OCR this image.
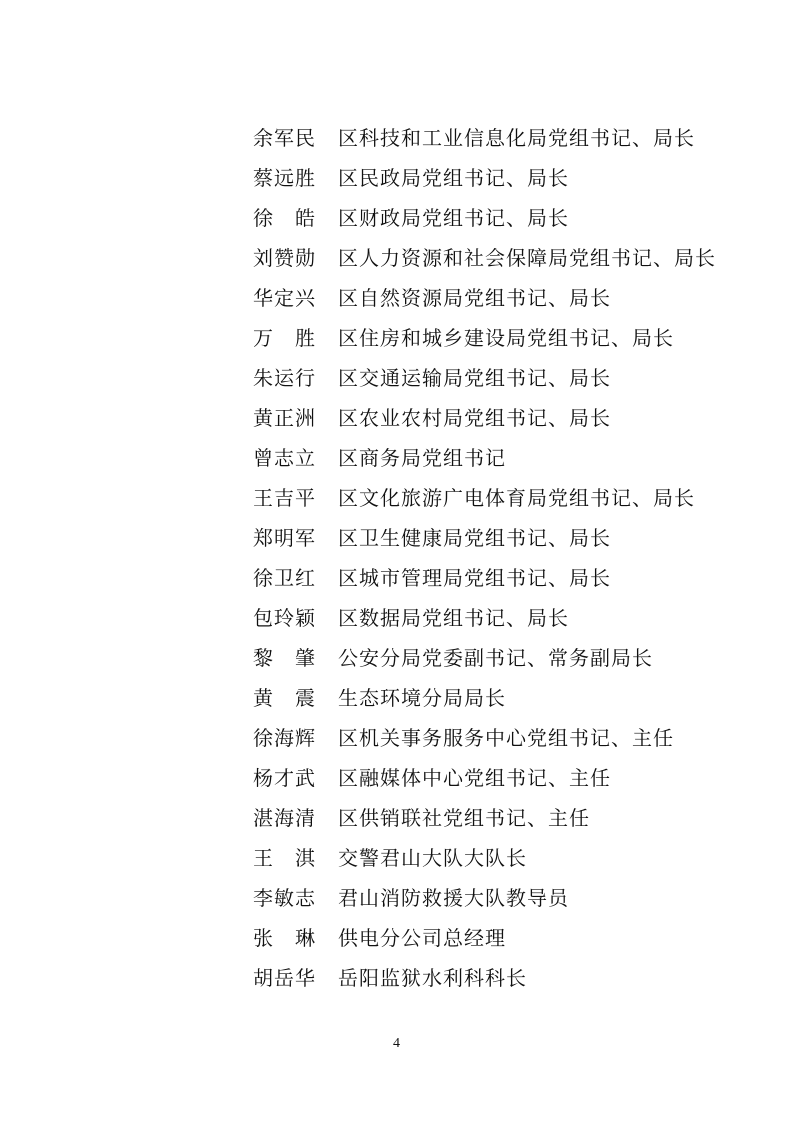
余军民	区科技和工业信息化局党组书记、局长
蔡远胜	区民政局党组书记、局长
徐　皓	区财政局党组书记、局长
刘赞勋	区人力资源和社会保障局党组书记、局长
华定兴	区自然资源局党组书记、局长
万　胜	区住房和城乡建设局党组书记、局长
朱运行	区交通运输局党组书记、局长
黄正洲	区农业农村局党组书记、局长
曾志立	区商务局党组书记
王吉平	区文化旅游广电体育局党组书记、局长
郑明军	区卫生健康局党组书记、局长
徐卫红	区城市管理局党组书记、局长
包玲颖	区数据局党组书记、局长
黎　肇	公安分局党委副书记、常务副局长
黄　震	生态环境分局局长
徐海辉	区机关事务服务中心党组书记、主任
杨才武	区融媒体中心党组书记、主任
湛海清	区供销联社党组书记、主任
王　淇	交警君山大队大队长
李敏志	君山消防救援大队教导员
张　琳	供电分公司总经理
胡岳华	岳阳监狱水利科科长
4
